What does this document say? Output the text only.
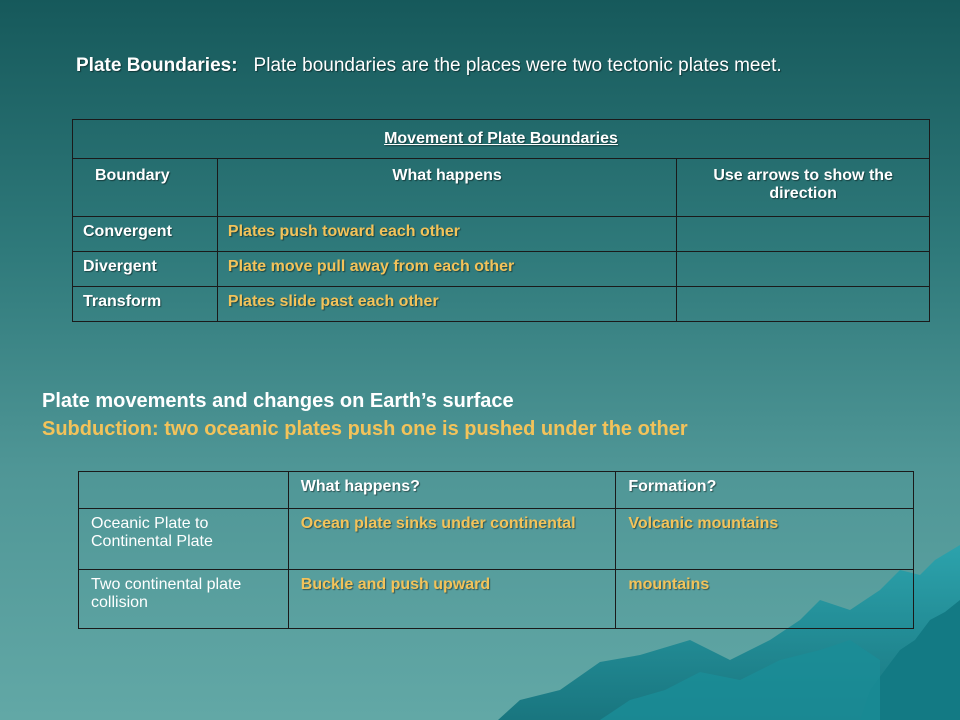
Plate Boundaries: Plate boundaries are the places were two tectonic plates meet.
Movement of Plate Boundaries		
Boundary	What happens	Use arrows to show the direction
Convergent	Plates push toward each other	
Divergent	Plate move pull away from each other	
Transform	Plates slide past each other	
Plate movements and changes on Earth’s surface
Subduction: two oceanic plates push one is pushed under the other
	What happens?	Formation?
Oceanic Plate to Continental Plate	Ocean plate sinks under continental	Volcanic mountains
Two continental plate collision	Buckle and push upward	mountains
